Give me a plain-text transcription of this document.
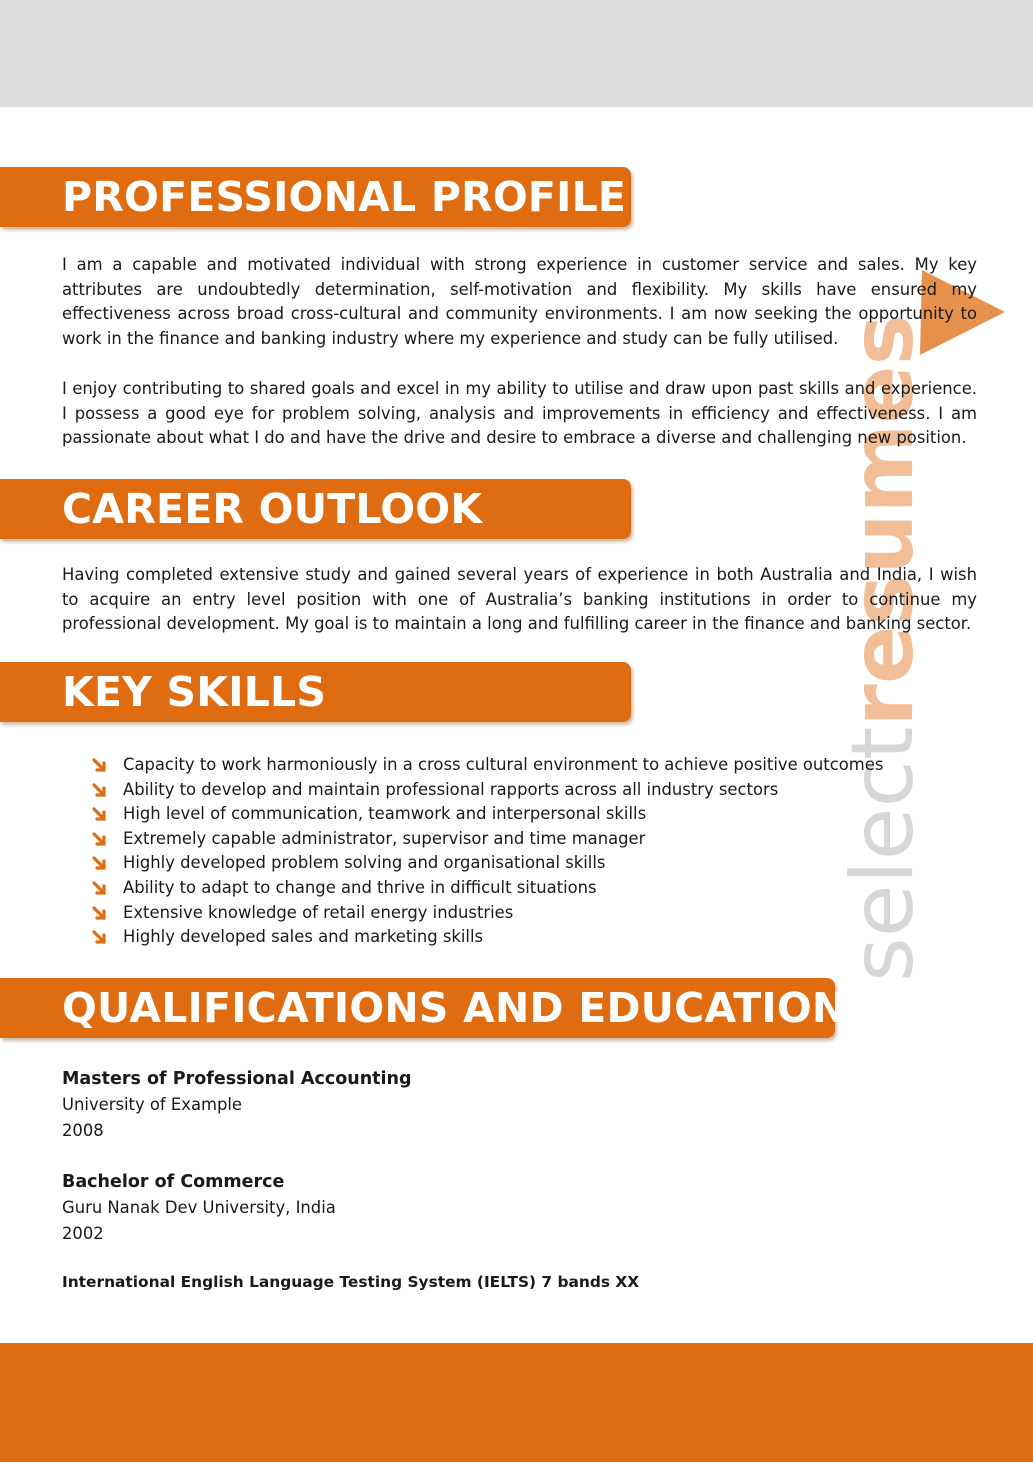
selectresumes
PROFESSIONAL PROFILE

I am a capable and motivated individual with strong experience in customer service and sales. My key attributes are undoubtedly determination, self-motivation and flexibility. My skills have ensured my effectiveness across broad cross-cultural and community environments. I am now seeking the opportunity to work in the finance and banking industry where my experience and study can be fully utilised.

I enjoy contributing to shared goals and excel in my ability to utilise and draw upon past skills and experience. I possess a good eye for problem solving, analysis and improvements in efficiency and effectiveness. I am passionate about what I do and have the drive and desire to embrace a diverse and challenging new position.

CAREER OUTLOOK

Having completed extensive study and gained several years of experience in both Australia and India, I wish to acquire an entry level position with one of Australia’s banking institutions in order to continue my professional development. My goal is to maintain a long and fulfilling career in the finance and banking sector.

KEY SKILLS
Capacity to work harmoniously in a cross cultural environment to achieve positive outcomes
Ability to develop and maintain professional rapports across all industry sectors
High level of communication, teamwork and interpersonal skills
Extremely capable administrator, supervisor and time manager
Highly developed problem solving and organisational skills
Ability to adapt to change and thrive in difficult situations
Extensive knowledge of retail energy industries
Highly developed sales and marketing skills
QUALIFICATIONS AND EDUCATION
Masters of Professional Accounting
University of Example
2008
Bachelor of Commerce
Guru Nanak Dev University, India
2002
International English Language Testing System (IELTS) 7 bands XX
